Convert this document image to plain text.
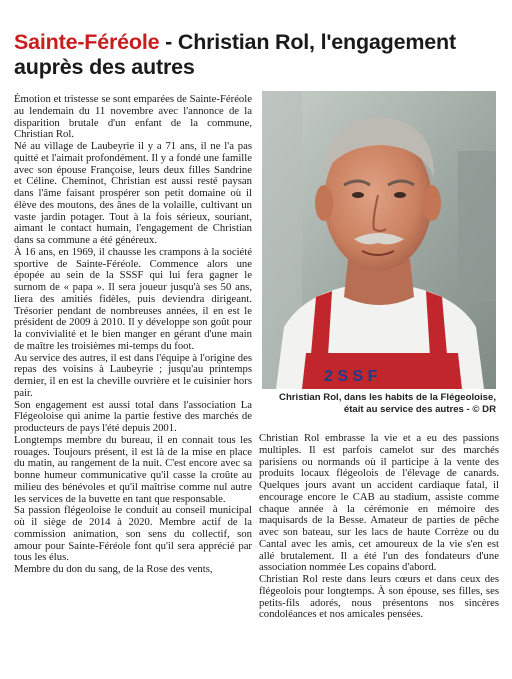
Sainte-Féréole - Christian Rol, l'engagement auprès des autres

Émotion et tristesse se sont emparées de Sainte-Féréole au lendemain du 11 novembre avec l'annonce de la disparition brutale d'un enfant de la commune, Christian Rol.

Né au village de Laubeyrie il y a 71 ans, il ne l'a pas quitté et l'aimait profondément. Il y a fondé une famille avec son épouse Françoise, leurs deux filles Sandrine et Céline. Cheminot, Christian est aussi resté paysan dans l'âme faisant prospérer son petit domaine où il élève des moutons, des ânes de la volaille, cultivant un vaste jardin potager. Tout à la fois sérieux, souriant, aimant le contact humain, l'engagement de Christian dans sa commune a été généreux.

À 16 ans, en 1969, il chausse les crampons à la société sportive de Sainte-Féréole. Commence alors une épopée au sein de la SSSF qui lui fera gagner le surnom de « papa ». Il sera joueur jusqu'à ses 50 ans, liera des amitiés fidèles, puis deviendra dirigeant. Trésorier pendant de nombreuses années, il en est le président de 2009 à 2010. Il y développe son goût pour la convivialité et le bien manger en gérant d'une main de maître les troisièmes mi-temps du foot.

Au service des autres, il est dans l'équipe à l'origine des repas des voisins à Laubeyrie ; jusqu'au printemps dernier, il en est la cheville ouvrière et le cuisinier hors pair.

Son engagement est aussi total dans l'association La Flégeoloise qui anime la partie festive des marchés de producteurs de pays l'été depuis 2001.

Longtemps membre du bureau, il en connait tous les rouages. Toujours présent, il est là de la mise en place du matin, au rangement de la nuit. C'est encore avec sa bonne humeur communicative qu'il casse la croûte au milieu des bénévoles et qu'il maîtrise comme nul autre les services de la buvette en tant que responsable.

Sa passion flégeoloise le conduit au conseil municipal où il siège de 2014 à 2020. Membre actif de la commission animation, son sens du collectif, son amour pour Sainte-Féréole font qu'il sera apprécié par tous les élus.

Membre du don du sang, de la Rose des vents,

2 S S F
Christian Rol, dans les habits de la Flégeoloise, était au service des autres - © DR

Christian Rol embrasse la vie et a eu des passions multiples. Il est parfois camelot sur des marchés parisiens ou normands où il participe à la vente des produits locaux flégeolois de l'élevage de canards. Quelques jours avant un accident cardiaque fatal, il encourage encore le CAB au stadium, assiste comme chaque année à la cérémonie en mémoire des maquisards de la Besse. Amateur de parties de pêche avec son bateau, sur les lacs de haute Corrèze ou du Cantal avec les amis, cet amoureux de la vie s'en est allé brutalement. Il a été l'un des fondateurs d'une association nommée Les copains d'abord.

Christian Rol reste dans leurs cœurs et dans ceux des flégeolois pour longtemps. À son épouse, ses filles, ses petits-fils adorés, nous présentons nos sincères condoléances et nos amicales pensées.
